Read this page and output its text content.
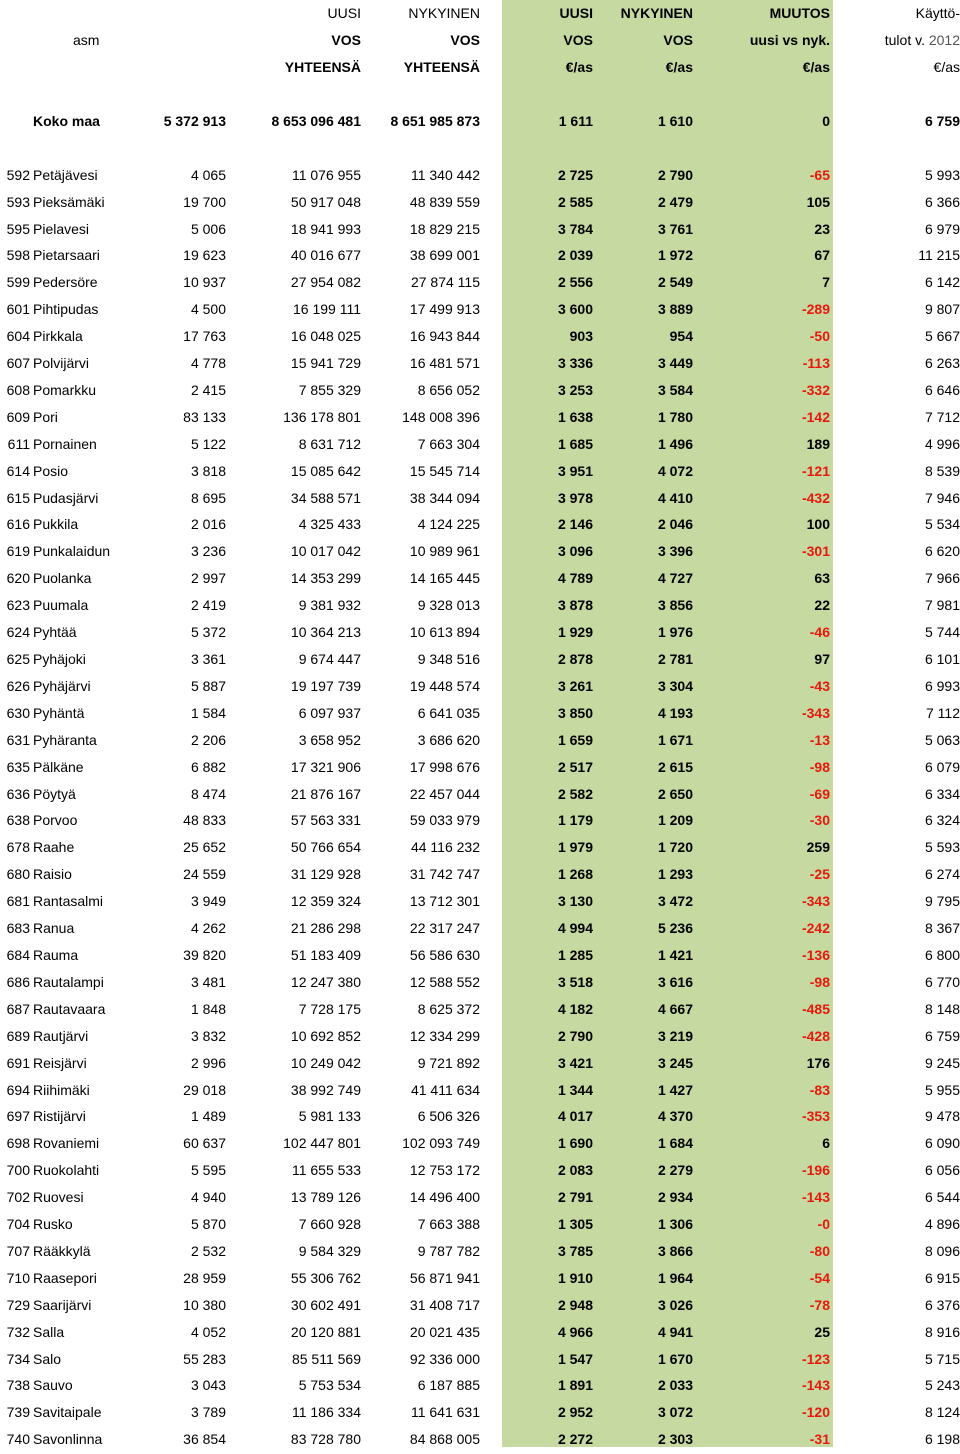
			UUSI	NYKYINEN		UUSI	NYKYINEN	MUUTOS	Käyttö-
		asm	VOS	VOS		VOS	VOS	uusi vs nyk.	tulot v. 2012
			YHTEENSÄ	YHTEENSÄ		€/as	€/as	€/as	€/as

	Koko maa	5 372 913	8 653 096 481	8 651 985 873		1 611	1 610	0	6 759

592	Petäjävesi	4 065	11 076 955	11 340 442		2 725	2 790	-65	5 993
593	Pieksämäki	19 700	50 917 048	48 839 559		2 585	2 479	105	6 366
595	Pielavesi	5 006	18 941 993	18 829 215		3 784	3 761	23	6 979
598	Pietarsaari	19 623	40 016 677	38 699 001		2 039	1 972	67	11 215
599	Pedersöre	10 937	27 954 082	27 874 115		2 556	2 549	7	6 142
601	Pihtipudas	4 500	16 199 111	17 499 913		3 600	3 889	-289	9 807
604	Pirkkala	17 763	16 048 025	16 943 844		903	954	-50	5 667
607	Polvijärvi	4 778	15 941 729	16 481 571		3 336	3 449	-113	6 263
608	Pomarkku	2 415	7 855 329	8 656 052		3 253	3 584	-332	6 646
609	Pori	83 133	136 178 801	148 008 396		1 638	1 780	-142	7 712
611	Pornainen	5 122	8 631 712	7 663 304		1 685	1 496	189	4 996
614	Posio	3 818	15 085 642	15 545 714		3 951	4 072	-121	8 539
615	Pudasjärvi	8 695	34 588 571	38 344 094		3 978	4 410	-432	7 946
616	Pukkila	2 016	4 325 433	4 124 225		2 146	2 046	100	5 534
619	Punkalaidun	3 236	10 017 042	10 989 961		3 096	3 396	-301	6 620
620	Puolanka	2 997	14 353 299	14 165 445		4 789	4 727	63	7 966
623	Puumala	2 419	9 381 932	9 328 013		3 878	3 856	22	7 981
624	Pyhtää	5 372	10 364 213	10 613 894		1 929	1 976	-46	5 744
625	Pyhäjoki	3 361	9 674 447	9 348 516		2 878	2 781	97	6 101
626	Pyhäjärvi	5 887	19 197 739	19 448 574		3 261	3 304	-43	6 993
630	Pyhäntä	1 584	6 097 937	6 641 035		3 850	4 193	-343	7 112
631	Pyhäranta	2 206	3 658 952	3 686 620		1 659	1 671	-13	5 063
635	Pälkäne	6 882	17 321 906	17 998 676		2 517	2 615	-98	6 079
636	Pöytyä	8 474	21 876 167	22 457 044		2 582	2 650	-69	6 334
638	Porvoo	48 833	57 563 331	59 033 979		1 179	1 209	-30	6 324
678	Raahe	25 652	50 766 654	44 116 232		1 979	1 720	259	5 593
680	Raisio	24 559	31 129 928	31 742 747		1 268	1 293	-25	6 274
681	Rantasalmi	3 949	12 359 324	13 712 301		3 130	3 472	-343	9 795
683	Ranua	4 262	21 286 298	22 317 247		4 994	5 236	-242	8 367
684	Rauma	39 820	51 183 409	56 586 630		1 285	1 421	-136	6 800
686	Rautalampi	3 481	12 247 380	12 588 552		3 518	3 616	-98	6 770
687	Rautavaara	1 848	7 728 175	8 625 372		4 182	4 667	-485	8 148
689	Rautjärvi	3 832	10 692 852	12 334 299		2 790	3 219	-428	6 759
691	Reisjärvi	2 996	10 249 042	9 721 892		3 421	3 245	176	9 245
694	Riihimäki	29 018	38 992 749	41 411 634		1 344	1 427	-83	5 955
697	Ristijärvi	1 489	5 981 133	6 506 326		4 017	4 370	-353	9 478
698	Rovaniemi	60 637	102 447 801	102 093 749		1 690	1 684	6	6 090
700	Ruokolahti	5 595	11 655 533	12 753 172		2 083	2 279	-196	6 056
702	Ruovesi	4 940	13 789 126	14 496 400		2 791	2 934	-143	6 544
704	Rusko	5 870	7 660 928	7 663 388		1 305	1 306	-0	4 896
707	Rääkkylä	2 532	9 584 329	9 787 782		3 785	3 866	-80	8 096
710	Raasepori	28 959	55 306 762	56 871 941		1 910	1 964	-54	6 915
729	Saarijärvi	10 380	30 602 491	31 408 717		2 948	3 026	-78	6 376
732	Salla	4 052	20 120 881	20 021 435		4 966	4 941	25	8 916
734	Salo	55 283	85 511 569	92 336 000		1 547	1 670	-123	5 715
738	Sauvo	3 043	5 753 534	6 187 885		1 891	2 033	-143	5 243
739	Savitaipale	3 789	11 186 334	11 641 631		2 952	3 072	-120	8 124
740	Savonlinna	36 854	83 728 780	84 868 005		2 272	2 303	-31	6 198
